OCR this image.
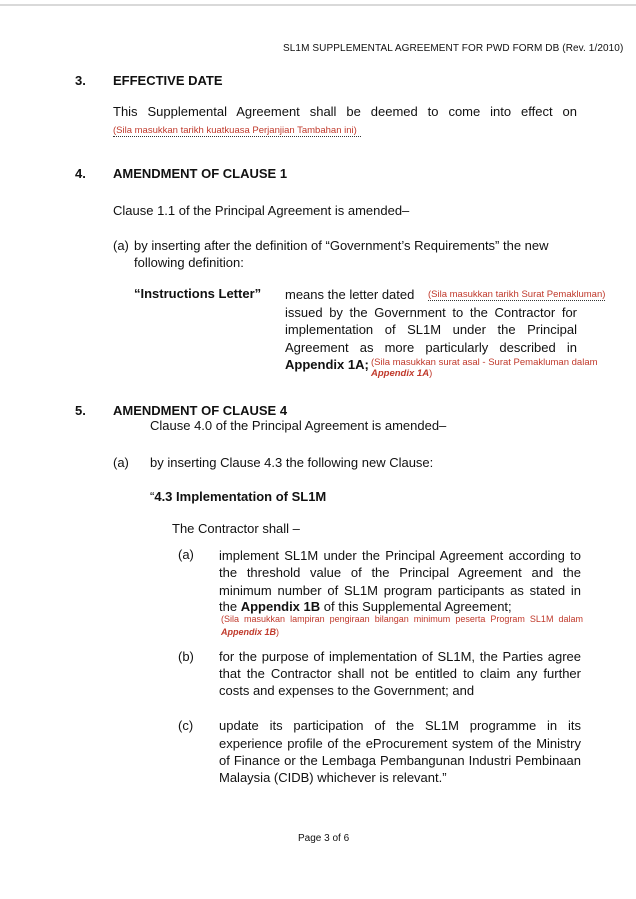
SL1M SUPPLEMENTAL AGREEMENT FOR PWD FORM DB (Rev. 1/2010)
3. EFFECTIVE DATE
This Supplemental Agreement shall be deemed to come into effect on
(Sila masukkan tarikh kuatkuasa Perjanjian Tambahan ini)
4. AMENDMENT OF CLAUSE 1
Clause 1.1 of the Principal Agreement is amended–
(a) by inserting after the definition of “Government’s Requirements” the new
following definition:
“Instructions Letter” means the letter dated (Sila masukkan tarikh Surat Pemakluman)
issued by the Government to the Contractor for
implementation of SL1M under the Principal
Agreement as more particularly described in
Appendix 1A; (Sila masukkan surat asal - Surat Pemakluman dalam
Appendix 1A)
5. AMENDMENT OF CLAUSE 4
Clause 4.0 of the Principal Agreement is amended–
(a) by inserting Clause 4.3 the following new Clause:
“4.3 Implementation of SL1M
The Contractor shall –
(a) implement SL1M under the Principal Agreement according to
the threshold value of the Principal Agreement and the
minimum number of SL1M program participants as stated in
the Appendix 1B of this Supplemental Agreement;
(Sila masukkan lampiran pengiraan bilangan minimum peserta Program SL1M dalam
Appendix 1B)
(b) for the purpose of implementation of SL1M, the Parties agree
that the Contractor shall not be entitled to claim any further
costs and expenses to the Government; and
(c) update its participation of the SL1M programme in its
experience profile of the eProcurement system of the Ministry
of Finance or the Lembaga Pembangunan Industri Pembinaan
Malaysia (CIDB) whichever is relevant.”
Page 3 of 6
